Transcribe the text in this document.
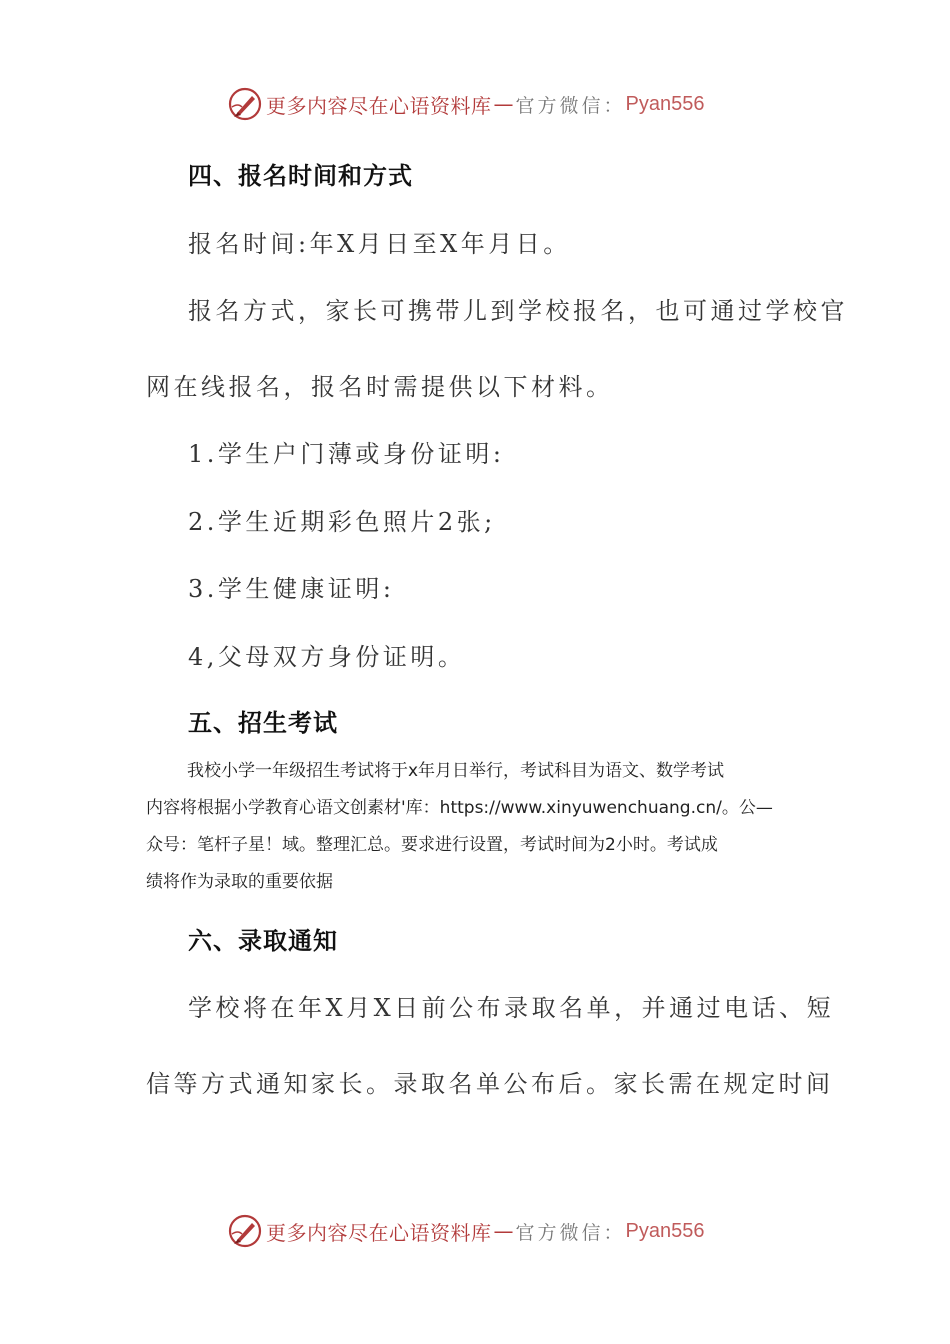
更多内容尽在心语资料库 — 官方微信： Pyan556
四、报名时间和方式
报名时间:年X月日至X年月日。
报名方式，家长可携带儿到学校报名，也可通过学校官
网在线报名，报名时需提供以下材料。
1.学生户门薄或身份证明:
2.学生近期彩色照片2张;
3.学生健康证明:
4,父母双方身份证明。
五、招生考试
我校小学一年级招生考试将于x年月日举行，考试科目为语文、数学考试
内容将根据小学教育心语文创素材'库：https://www.xinyuwenchuang.cn/。公—
众号：笔杆子星！域。整理汇总。要求进行设置，考试时间为2小时。考试成
绩将作为录取的重要依据
六、录取通知
学校将在年X月X日前公布录取名单，并通过电话、短
信等方式通知家长。录取名单公布后。家长需在规定时间
更多内容尽在心语资料库 — 官方微信： Pyan556
